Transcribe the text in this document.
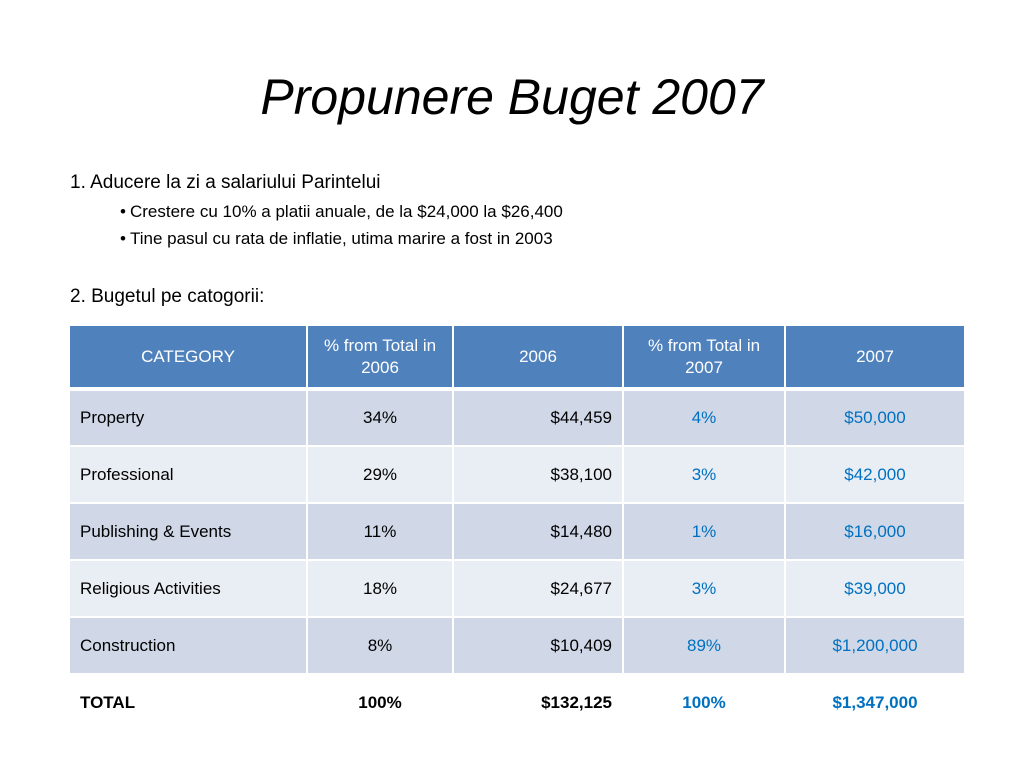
Propunere Buget 2007
1. Aducere la zi a salariului Parintelui
• Crestere cu 10% a platii anuale, de la $24,000 la $26,400
• Tine pasul cu rata de inflatie, utima marire a fost in 2003
2. Bugetul pe catogorii:
CATEGORY	% from Total in 2006	2006	% from Total in 2007	2007
Property	34%	$44,459	4%	$50,000
Professional	29%	$38,100	3%	$42,000
Publishing & Events	11%	$14,480	1%	$16,000
Religious Activities	18%	$24,677	3%	$39,000
Construction	8%	$10,409	89%	$1,200,000
TOTAL	100%	$132,125	100%	$1,347,000
